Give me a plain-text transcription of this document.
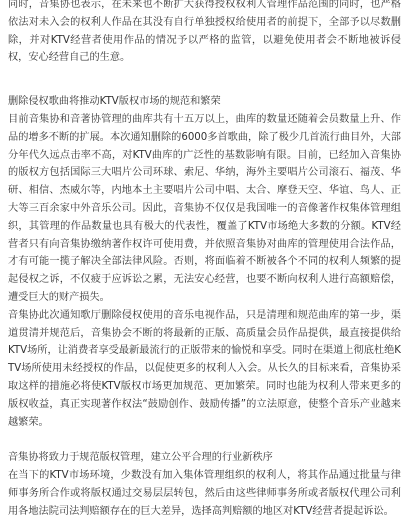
同时，音集协也表示，在未来也不断扩大获得授权权利人管理作品范围的同时，也严格依法对未入会的权利人作品在其没有自行单独授权给使用者的前提下，全部予以尽数删除，并对KTV经营者使用作品的情况予以严格的监管，以避免使用者会不断地被诉侵权，安心经营自己的生意。

删除侵权歌曲将推动KTV版权市场的规范和繁荣

目前音集协和音著协管理的曲库共有十五万以上，曲库的数量还随着会员数量上升、作品的增多不断的扩展。本次通知删除的6000多首歌曲，除了极少几首流行曲目外，大部分年代久远点击率不高，对KTV曲库的广泛性的基数影响有限。目前，已经加入音集协的版权方包括国际三大唱片公司环球、索尼、华纳，海外主要唱片公司滚石、福茂、华研、相信、杰威尔等，内地本土主要唱片公司中唱、太合、摩登天空、华谊、鸟人、正大等三百余家中外音乐公司。因此，音集协不仅仅是我国唯一的音像著作权集体管理组织，其管理的作品数量也具有极大的代表性，覆盖了KTV市场绝大多数的分额。KTV经营者只有向音集协缴纳著作权许可使用费，并依照音集协对曲库的管理使用合法作品，才有可能一揽子解决全部法律风险。否则，将面临着不断被各个不同的权利人频繁的提起侵权之诉，不仅疲于应诉讼之累，无法安心经营，也要不断向权利人进行高额赔偿，遭受巨大的财产损失。

音集协此次通知歌厅删除侵权使用的音乐电视作品，只是清理和规范曲库的第一步，渠道贯清并规范后，音集协会不断的将最新的正版、高质量会员作品提供，最直接提供给KTV场所，让消费者享受最新最流行的正版带来的愉悦和享受。同时在渠道上彻底杜绝KTV场所使用未经授权的作品，以促使更多的权利人入会。从长久的目标来看，音集协采取这样的措施必将使KTV版权市场更加规范、更加繁荣。同时也能为权利人带来更多的版权收益，真正实现著作权法“鼓励创作、鼓励传播”的立法原意，使整个音乐产业越来越繁荣。

音集协将致力于规范版权管理，建立公平合理的行业新秩序

在当下的KTV市场环境，少数没有加入集体管理组织的权利人，将其作品通过批量与律师事务所合作或将版权通过交易层层转包，然后由这些律师事务所或者版权代理公司利用各地法院司法判赔额存在的巨大差异，选择高判赔额的地区对KTV经营者提起诉讼。
